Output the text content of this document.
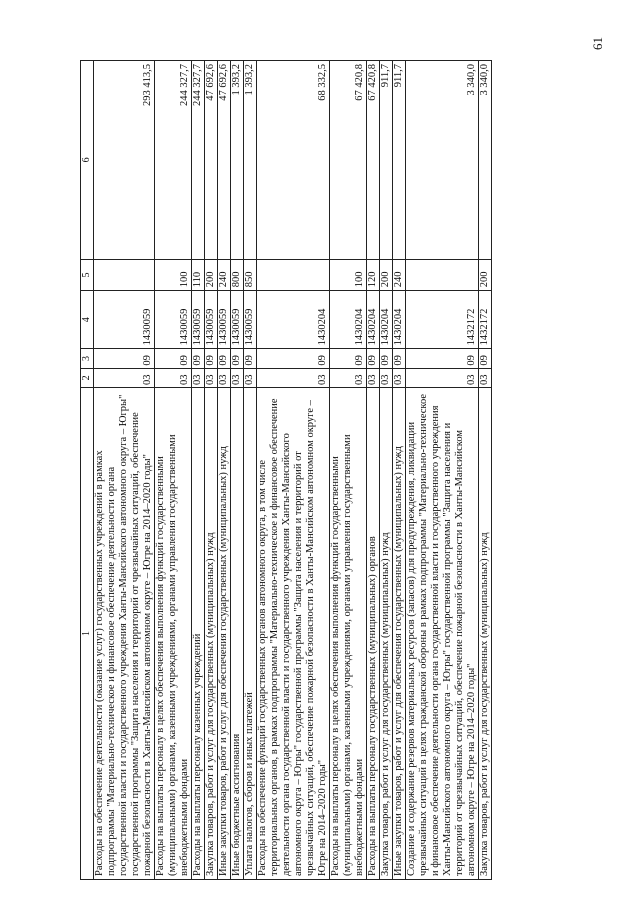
61
1	2	3	4	5	6
Расходы на обеспечение деятельности (оказание услуг) государственных учреждений в рамках подпрограммы "Материально-техническое и финансовое обеспечение деятельности органа государственной власти и государственного учреждения Ханты-Мансийского автономного округа – Югры" государственной программы "Защита населения и территорий от чрезвычайных ситуаций, обеспечение пожарной безопасности в Ханты-Мансийском автономном округе – Югре на 2014–2020 годы"	03	09	1430059		293 413,5
Расходы на выплаты персоналу в целях обеспечения выполнения функций государственными (муниципальными) органами, казенными учреждениями, органами управления государственными внебюджетными фондами	03	09	1430059	100	244 327,7
Расходы на выплаты персоналу казенных учреждений	03	09	1430059	110	244 327,7
Закупка товаров, работ и услуг для государственных (муниципальных) нужд	03	09	1430059	200	47 692,6
Иные закупки товаров, работ и услуг для обеспечения государственных (муниципальных) нужд	03	09	1430059	240	47 692,6
Иные бюджетные ассигнования	03	09	1430059	800	1 393,2
Уплата налогов, сборов и иных платежей	03	09	1430059	850	1 393,2
Расходы на обеспечение функций государственных органов автономного округа, в том числе территориальных органов, в рамках подпрограммы "Материально-техническое и финансовое обеспечение деятельности органа государственной власти и государственного учреждения Ханты-Мансийского автономного округа – Югры" государственной программы "Защита населения и территорий от чрезвычайных ситуаций, обеспечение пожарной безопасности в Ханты-Мансийском автономном округе – Югре на 2014–2020 годы"	03	09	1430204		68 332,5
Расходы на выплаты персоналу в целях обеспечения выполнения функций государственными (муниципальными) органами, казенными учреждениями, органами управления государственными внебюджетными фондами	03	09	1430204	100	67 420,8
Расходы на выплаты персоналу государственных (муниципальных) органов	03	09	1430204	120	67 420,8
Закупка товаров, работ и услуг для государственных (муниципальных) нужд	03	09	1430204	200	911,7
Иные закупки товаров, работ и услуг для обеспечения государственных (муниципальных) нужд	03	09	1430204	240	911,7
Создание и содержание резервов материальных ресурсов (запасов) для предупреждения, ликвидации чрезвычайных ситуаций в целях гражданской обороны в рамках подпрограммы "Материально-техническое и финансовое обеспечение деятельности органа государственной власти и государственного учреждения Ханты-Мансийского автономного округа – Югры" государственной программы "Защита населения и территорий от чрезвычайных ситуаций, обеспечение пожарной безопасности в Ханты-Мансийском автономном округе – Югре на 2014–2020 годы"	03	09	1432172		3 340,0
Закупка товаров, работ и услуг для государственных (муниципальных) нужд	03	09	1432172	200	3 340,0
